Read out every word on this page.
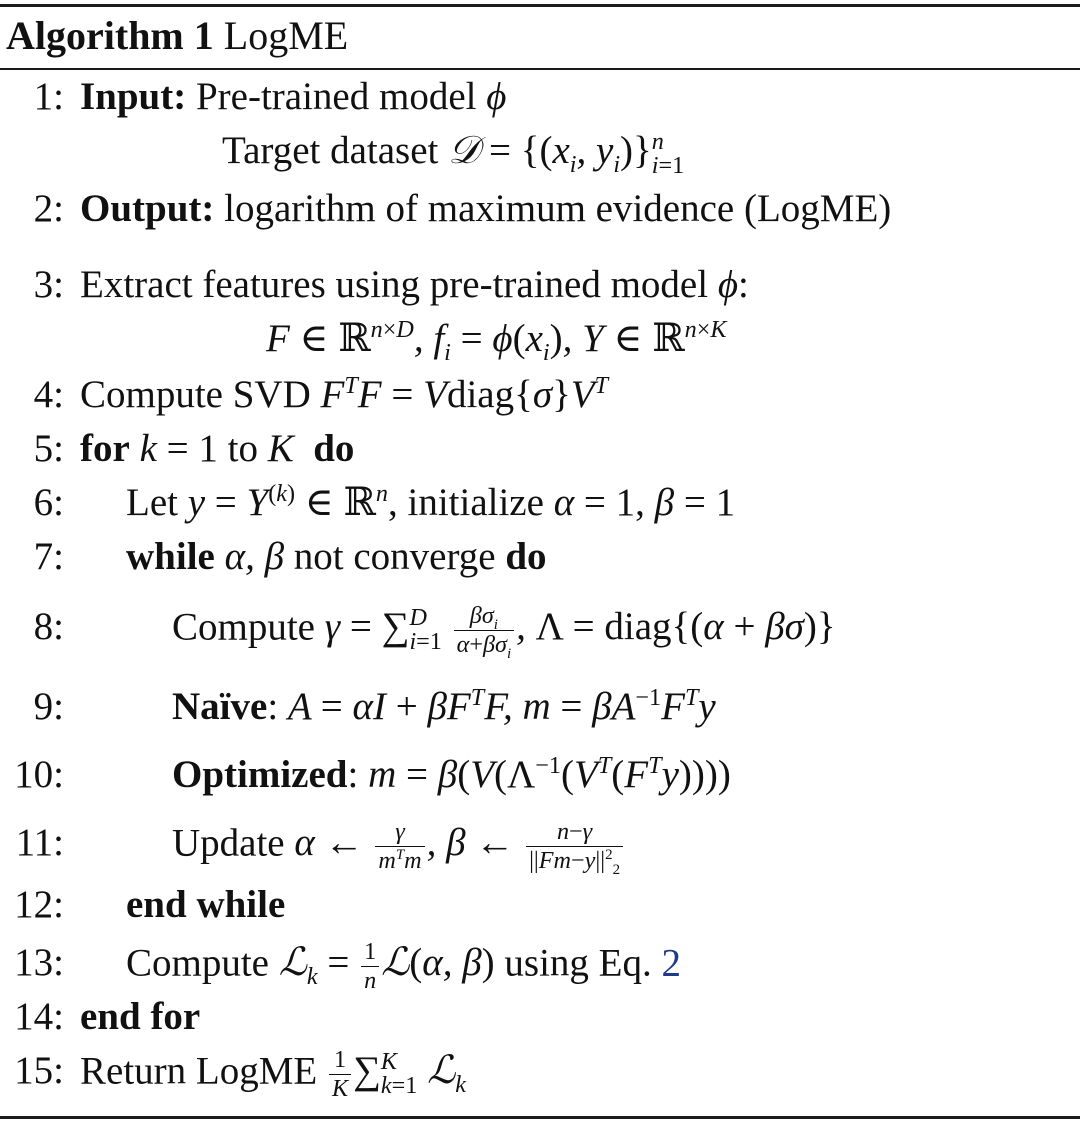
Algorithm 1 LogME
1: Input: Pre-trained model ϕ
Target dataset 𝒟 = {($x_i$, $y_i$)} n
i=1
2: Output: logarithm of maximum evidence (LogME)
3: Extract features using pre-trained model ϕ:
F ∈ ℝ$^{n\times D}$, $f_i = \phi(x_i)$, Y ∈ ℝ$^{n\times K}$
4: Compute SVD $F^TF$ = $Vdiag\{\sigma\}V^T$
5: for k = 1 to K do
6: Let $y = Y^{(k)}$ ∈ ℝ$^n$, initialize α = 1, β = 1
7: while α, β not converge do
8:	Compute γ = ∑ D
i=1
$\frac{\beta\sigma_i}{\alpha+\beta\sigma_i}$ , Λ = diag{(α + βσ)}
9:	Naïve: $A = \alpha I + \beta F^TF$, $m = \beta A^{-1}F^Ty$
10:	Optimized: $m = \beta(V(\Lambda^{-1}(V^T(F^Ty))))$
11:	Update α ← $\frac{\gamma}{m^Tm}$ , β ← $\frac{n-\gamma}{||Fm-y||^2_2}$
12: end while
13: Compute ℒ$_k$ = $\frac{1}{n}$ ℒ(α, β) using Eq. 2
14: end for
15: Return LogME $\frac{1}{K}$ ∑ K
k=1 ℒ$_k$
